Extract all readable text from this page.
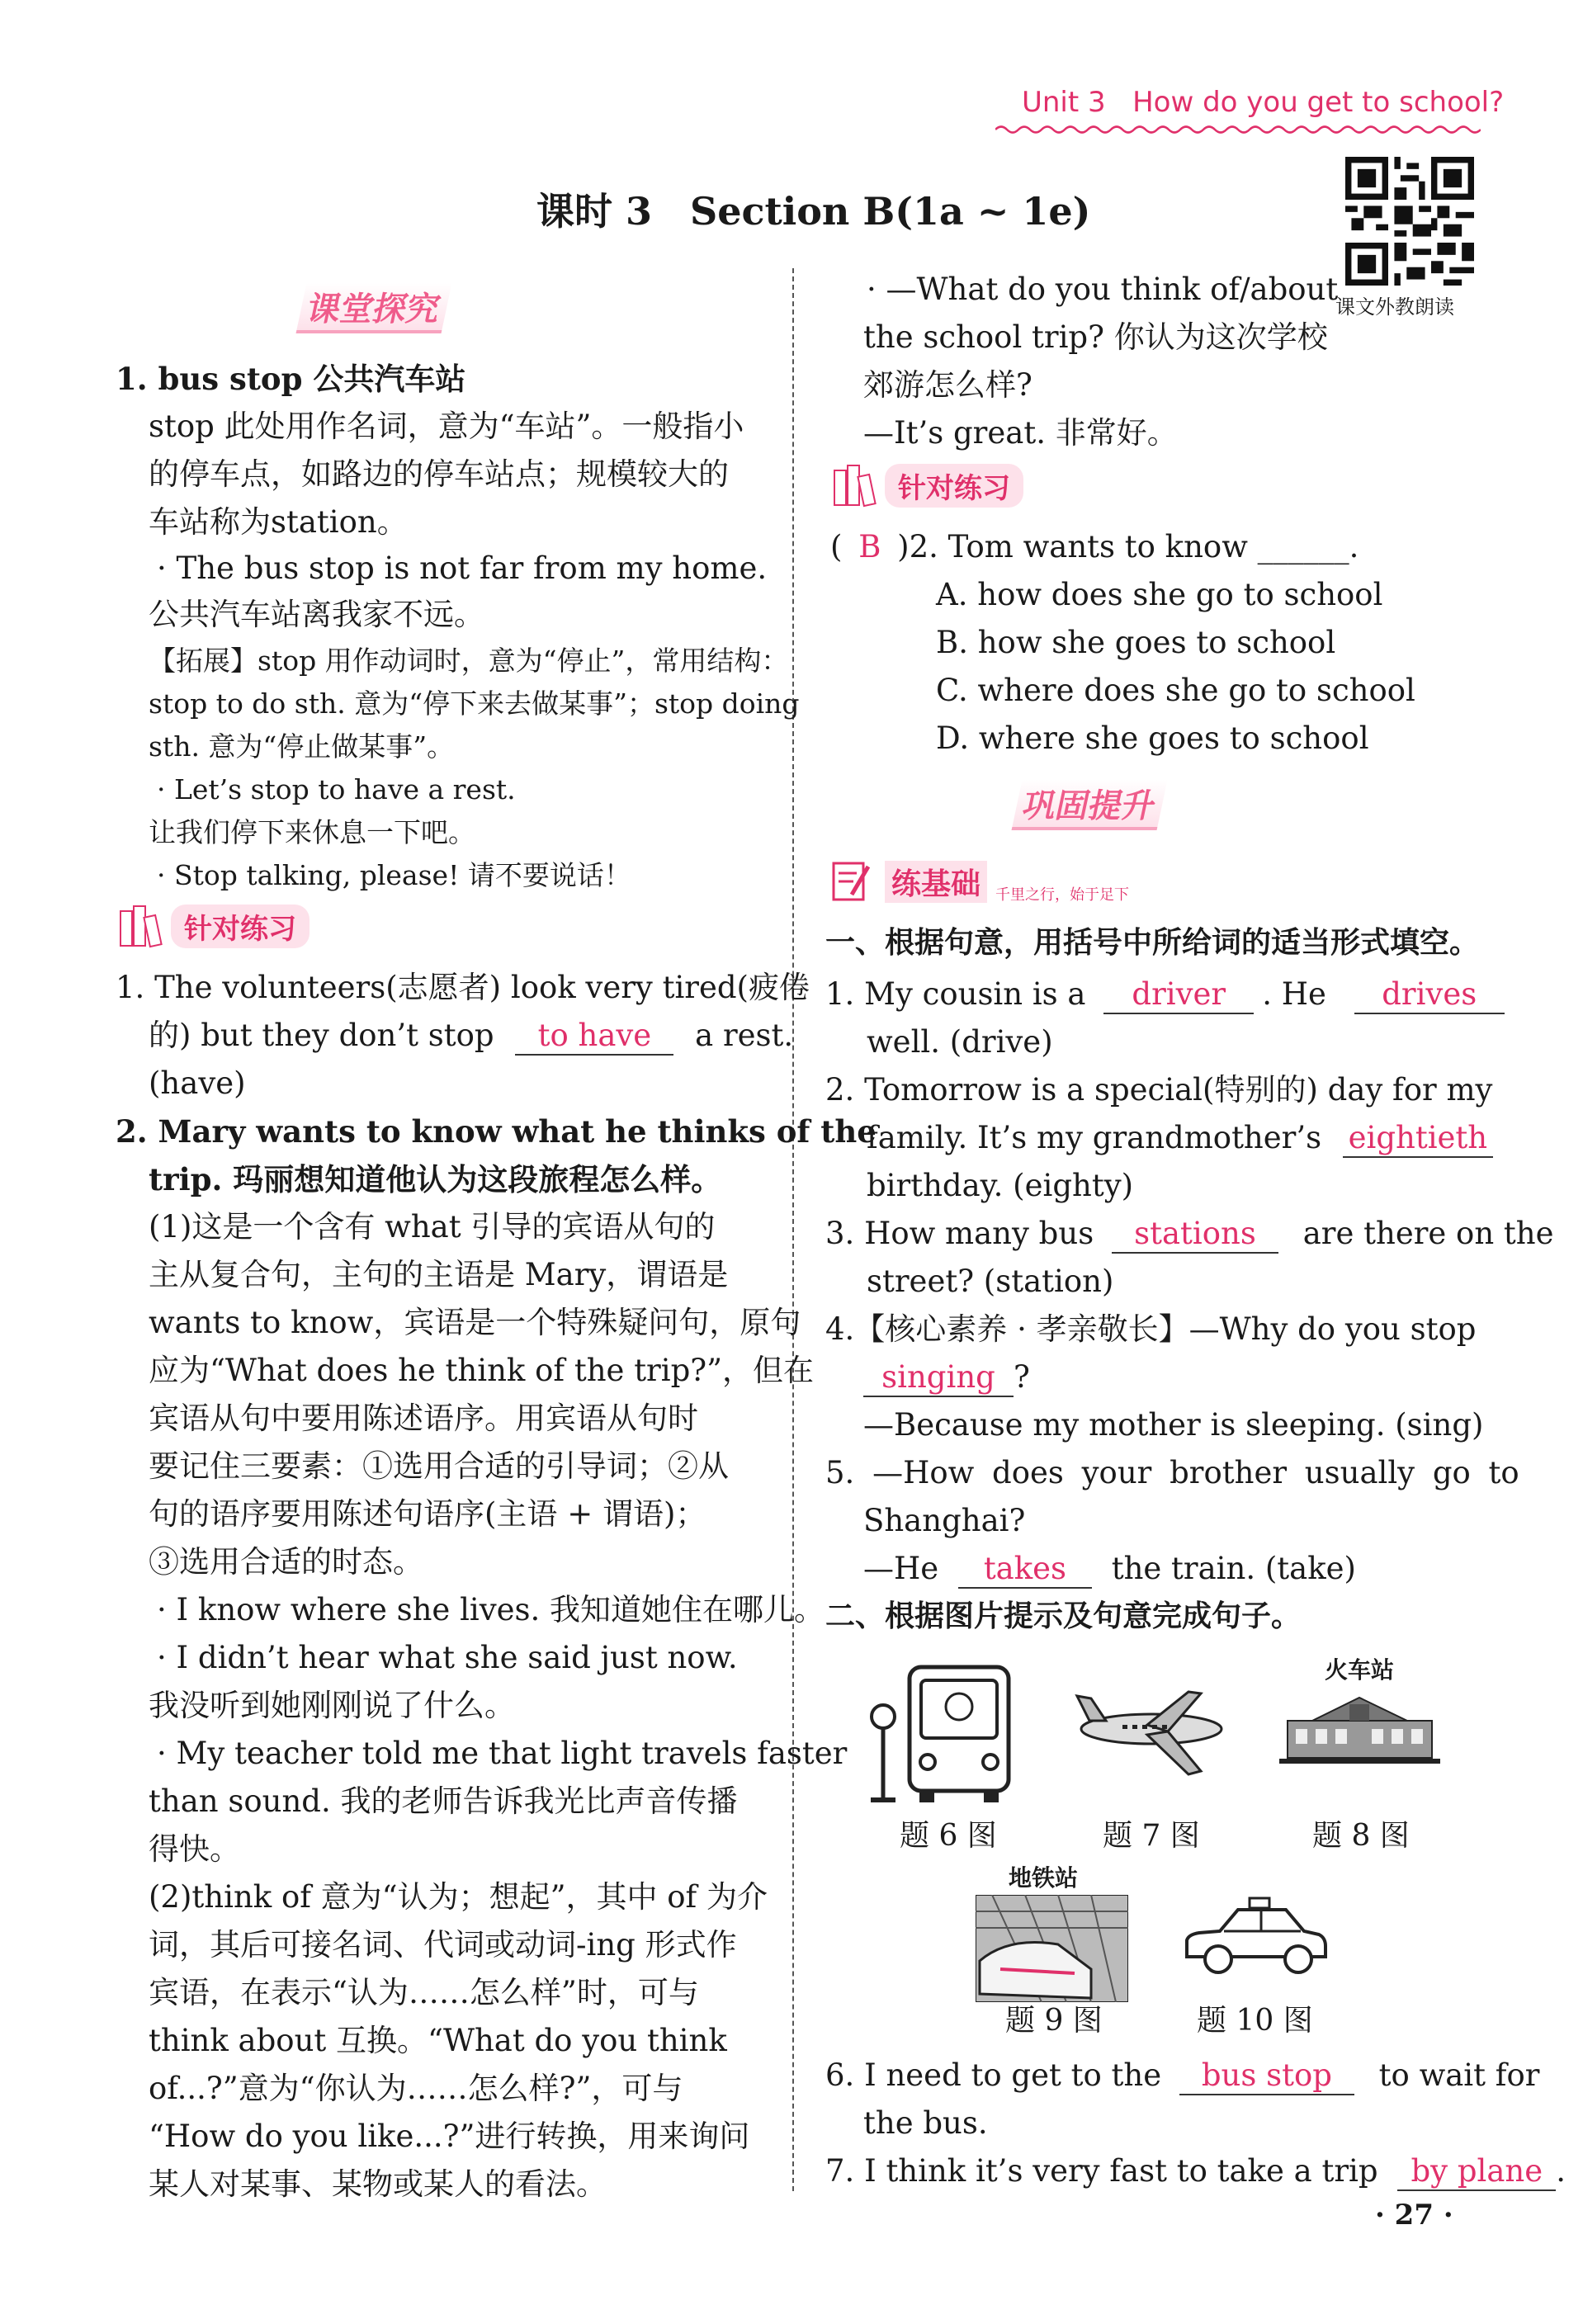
Unit 3 How do you get to school?
课文外教朗读
课时 3　Section B(1a ~ 1e)
课堂探究
1. bus stop 公共汽车站
stop 此处用作名词，意为“车站”。一般指小
的停车点，如路边的停车站点；规模较大的
车站称为station。
· The bus stop is not far from my home.
公共汽车站离我家不远。
【拓展】stop 用作动词时，意为“停止”，常用结构：
stop to do sth. 意为“停下来去做某事”；stop doing
sth. 意为“停止做某事”。
· Let’s stop to have a rest.
让我们停下来休息一下吧。
· Stop talking, please! 请不要说话！
针对练习
1. The volunteers(志愿者) look very tired(疲倦
的) but they don’t stop to have a rest.
(have)
2. Mary wants to know what he thinks of the
trip. 玛丽想知道他认为这段旅程怎么样。
(1)这是一个含有 what 引导的宾语从句的
主从复合句，主句的主语是 Mary，谓语是
wants to know，宾语是一个特殊疑问句，原句
应为“What does he think of the trip?”，但在
宾语从句中要用陈述语序。用宾语从句时
要记住三要素：①选用合适的引导词；②从
句的语序要用陈述句语序(主语 + 谓语)；
③选用合适的时态。
· I know where she lives. 我知道她住在哪儿。
· I didn’t hear what she said just now.
我没听到她刚刚说了什么。
· My teacher told me that light travels faster
than sound. 我的老师告诉我光比声音传播
得快。
(2)think of 意为“认为；想起”，其中 of 为介
词，其后可接名词、代词或动词-ing 形式作
宾语，在表示“认为……怎么样”时，可与
think about 互换。“What do you think
of...?”意为“你认为……怎么样?”，可与
“How do you like...?”进行转换，用来询问
某人对某事、某物或某人的看法。
· —What do you think of/about
the school trip? 你认为这次学校
郊游怎么样?
—It’s great. 非常好。
针对练习
( B )2. Tom wants to know ______.
A. how does she go to school
B. how she goes to school
C. where does she go to school
D. where she goes to school
巩固提升
练基础	千里之行，始于足下
一、根据句意，用括号中所给词的适当形式填空。
1. My cousin is a driver . He drives
well. (drive)
2. Tomorrow is a special(特别的) day for my
family. It’s my grandmother’s eightieth
birthday. (eighty)
3. How many bus stations are there on the
street? (station)
4.【核心素养 · 孝亲敬长】—Why do you stop
singing ?
—Because my mother is sleeping. (sing)
5. —How does your brother usually go to
Shanghai?
—He takes the train. (take)
二、根据图片提示及句意完成句子。
火车站
题 6 图	题 7 图	题 8 图
地铁站
题 9 图	题 10 图
6. I need to get to the bus stop to wait for
the bus.
7. I think it’s very fast to take a trip by plane .
· 27 ·
